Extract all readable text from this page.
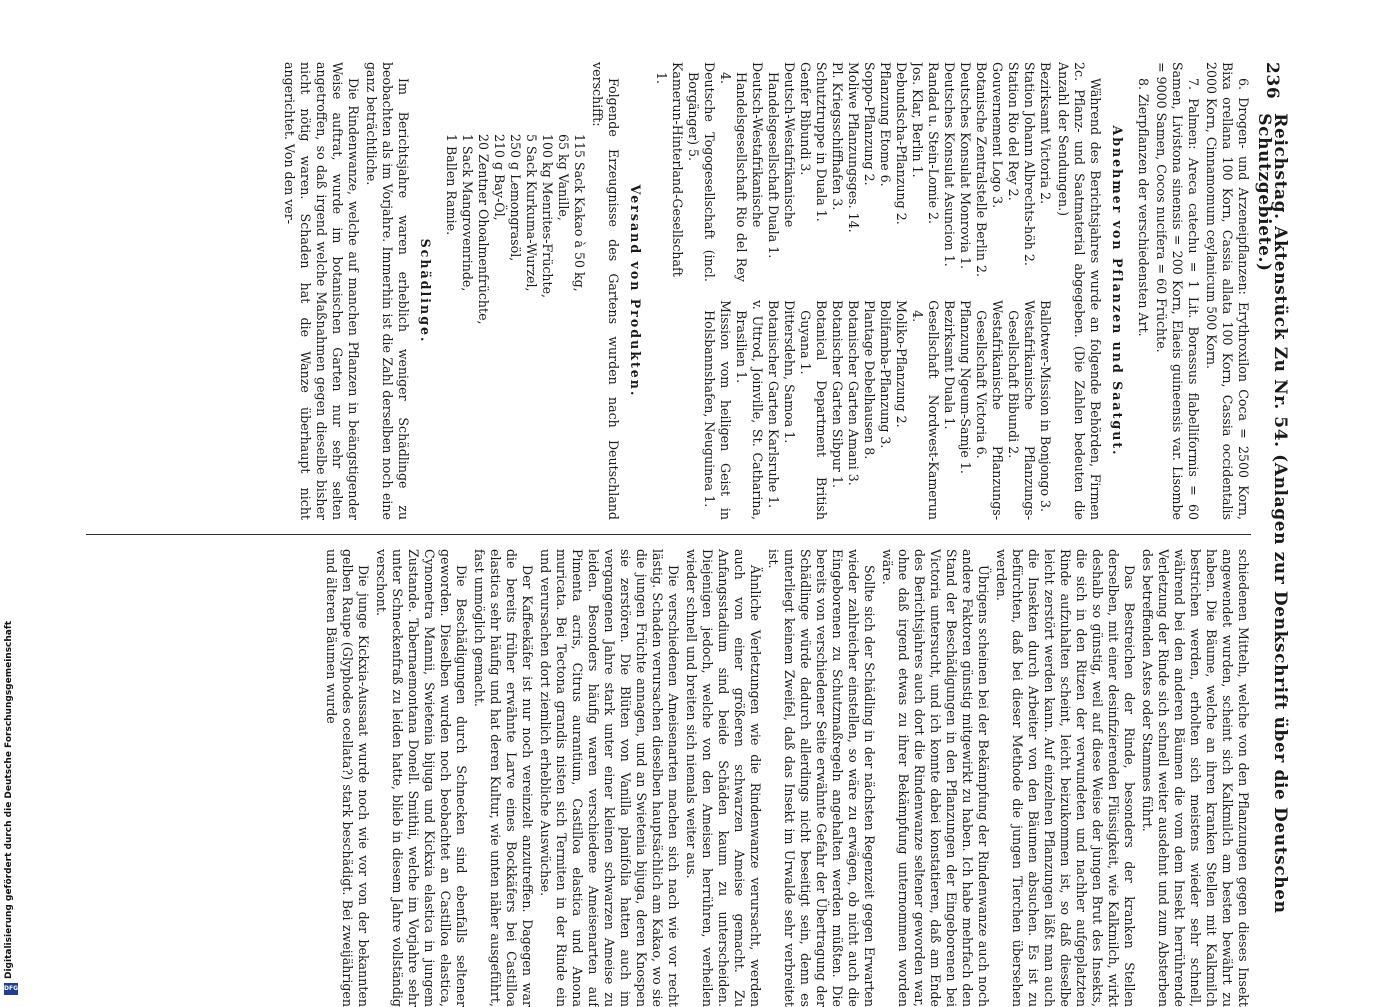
236
Reichstag. Aktenstück Zu Nr. 54. (Anlagen zur Denkschrift über die Deutschen Schutzgebiete.)

6. Drogen- und Arzeneipflanzen: Erythroxilon Coca = 2500 Korn, Bixa orellana 100 Korn, Cassia allata 100 Korn, Cassia occidentalis 2000 Korn, Cinnamomum ceylanicum 500 Korn.

7. Palmen: Areca catechu = 1 Lit. Borassus flabelliformis = 60 Samen, Livistona sinensis = 200 Korn, Elaeis guineensis var. Lisombe = 9000 Samen, Cocos nucifera = 60 Früchte.

8. Zierpflanzen der verschiedensten Art.

Abnehmer von Pflanzen und Saatgut.

Während des Berichtsjahres wurde an folgende Behörden, Firmen 2c. Pflanz- und Saatmaterial abgegeben. (Die Zahlen bedeuten die Anzahl der Sendungen.)

Bezirksamt Victoria 2.

Station Johann Albrechts-höh 2.

Station Rio del Rey 2.

Gouvernement Logo 3.

Botanische Zentralstelle Berlin 2.

Deutsches Konsulat Monrovia 1.

Deutsches Konsulat Asuncion 1.

Randad u. Stein-Lomie 2.

Jos. Klar, Berlin 1.

Debundscha-Pflanzung 2.

Pflanzung Etome 6.

Soppo-Pflanzung 2.

Moliwe Pflanzungsges. 14.

Pl. Kriegsschiffhafen 3.

Schutztruppe in Duala 1.

Genfer Bibundi 3.

Deutsch-Westafrikanische Handelsgesellschaft Duala 1.

Deutsch-Westafrikanische Handelsgesellschaft Rio del Rey 4.

Deutsche Togogesellschaft (incl. Borgänger) 5.

Kamerun-Hinterland-Gesellschaft 1.

Ballotwer-Mission in Bonjongo 3.

Westafrikanische Pflanzungs-Gesellschaft Bibundi 2.

Westafrikanische Pflanzungs-Gesellschaft Victoria 6.

Pflanzung Ngeum-Samje 1.

Bezirksamt Duala 1.

Gesellschaft Nordwest-Kamerun 4.

Moliko-Pflanzung 2.

Bolifamba-Pflanzung 3.

Plantage Debelhausen 8.

Botanischer Garten Amani 3.

Botanischer Garten Sibpur 1.

Botanical Department British Guyana 1.

Dittersdehn, Samoa 1.

Botanischer Garten Karlsruhe 1.

v. Uttrod, Joinville, St. Catharina, Brasilien 1.

Mission vom heiligen Geist in Holsbannshafen, Neuguinea 1.

Versand von Produkten.

Folgende Erzeugnisse des Gartens wurden nach Deutschland verschifft:

115 Sack Kakao à 50 kg,

65 kg Vanille,

100 kg Menrites-Früchte,

5 Sack Kurkuma-Wurzel,

250 g Lemongrasöl,

210 g Bay-Öl,

20 Zentner Ohoalmenfrüchte,

1 Sack Mangrovenrinde,

1 Ballen Ramie.

Schädlinge.

Im Berichtsjahre waren erheblich weniger Schädlinge zu beobachten als im Vorjahre. Immerhin ist die Zahl derselben noch eine ganz beträchtliche.

Die Rindenwanze, welche auf manchen Pflanzen in beängstigender Weise auftrat, wurde im botanischen Garten nur sehr selten angetroffen, so daß irgend welche Maßnahmen gegen dieselbe bisher nicht nötig waren. Schaden hat die Wanze überhaupt nicht angerichtet. Von den ver-

schiedenen Mitteln, welche von den Pflanzungen gegen dieses Insekt angewendet wurden, scheint sich Kalkmilch am besten bewährt zu haben. Die Bäume, welche an ihren kranken Stellen mit Kalkmilch bestrichen werden, erholten sich meistens wieder sehr schnell, während bei den anderen Bäumen die vom dem Insekt herrührende Verletzung der Rinde sich schnell weiter ausdehnt und zum Absterben des betreffenden Astes oder Stammes führt.

Das Bestreichen der Rinde, besonders der kranken Stellen derselben, mit einer desinfizierenden Flüssigkeit, wie Kalkmilch, wirkt deshalb so günstig, weil auf diese Weise der jungen Brut des Insekts, die sich in den Ritzen der verwundeten und nachher aufgeplatzten Rinde aufzuhalten scheint, leicht beizukommen ist, so daß dieselbe leicht zerstört werden kann. Auf einzelnen Pflanzungen läßt man auch die Insekten durch Arbeiter von den Bäumen absuchen. Es ist zu befürchten, daß bei dieser Methode die jungen Tierchen übersehen werden.

Übrigens scheinen bei der Bekämpfung der Rindenwanze auch noch andere Faktoren günstig mitgewirkt zu haben. Ich habe mehrfach den Stand der Beschädigungen in den Pflanzungen der Eingeborenen bei Victoria untersucht, und ich konnte dabei konstatieren, daß am Ende des Berichtsjahres auch dort die Rindenwanze seltener geworden war, ohne daß irgend etwas zu ihrer Bekämpfung unternommen worden wäre.

Sollte sich der Schädling in der nächsten Regenzeit gegen Erwarten wieder zahlreicher einstellen, so wäre zu erwägen, ob nicht auch die Eingeborenen zu Schutzmaßregeln angehalten werden müßten. Die bereits von verschiedener Seite erwähnte Gefahr der Übertragung der Schädlinge würde dadurch allerdings nicht beseitigt sein, denn es unterliegt keinem Zweifel, daß das Insekt im Urwalde sehr verbreitet ist.

Ähnliche Verletzungen wie die Rindenwanze verursacht, werden auch von einer größeren schwarzen Ameise gemacht. Zu Anfangsstadium sind beide Schäden kaum zu unterscheiden. Diejenigen jedoch, welche von den Ameisen herrühren, verheilen wieder schnell und breiten sich niemals weiter aus.

Die verschiedenen Ameisenarten machen sich nach wie vor recht lästig. Schaden verursachen dieselben hauptsächlich am Kakao, wo sie die jungen Früchte annagen, und an Swietenia bijuga, deren Knospen sie zerstören. Die Blüten von Vanilla planifolia hatten auch im vergangenen Jahre stark unter einer kleinen schwarzen Ameise zu leiden. Besonders häufig waren verschiedene Ameisenarten auf Pimenta acris, Citrus aurantium, Castilloa elastica und Anona muricata. Bei Tectona grandis nisten sich Termiten in der Rinde ein und verursachen dort ziemlich erhebliche Auswüchse.

Der Kaffeekäfer ist nur noch vereinzelt anzutreffen. Dagegen war die bereits früher erwähnte Larve eines Bockkäfers bei Castilloa elastica sehr häufig und hat deren Kultur, wie unten näher ausgeführt, fast unmöglich gemacht.

Die Beschädigungen durch Schnecken sind ebenfalls seltener geworden. Dieselben wurden noch beobachtet an Castilloa elastica, Cynometra Mannii, Swietenia bijuga und Kickxia elastica in jungem Zustande. Tabernaemontana Donell. Smithii, welche im Vorjahre sehr unter Schneckenfraß zu leiden hatte, blieb in diesem Jahre vollständig verschont.

Die junge Kickxia-Aussaat wurde noch wie vor von der bekannten gelben Raupe (Glyphodes ocellata?) stark beschädigt. Bei zweijährigen und älteren Bäumen wurde

Digitalisierung gefördert durch die Deutsche Forschungsgemeinschaft
DFG
